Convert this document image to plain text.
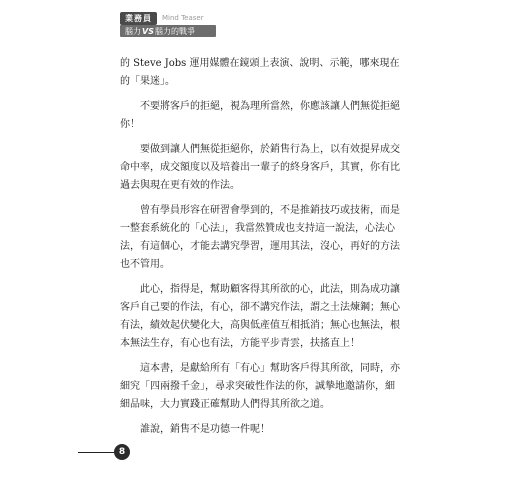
業務員	Mind Teaser
腦力 VS 腦力的戰爭

的 Steve Jobs 運用媒體在鏡頭上表演、說明、示範，哪來現在的「果迷」。

不要將客戶的拒絕，視為理所當然，你應該讓人們無從拒絕你！

要做到讓人們無從拒絕你，於銷售行為上，以有效提昇成交命中率，成交額度以及培養出一輩子的終身客戶，其實，你有比過去與現在更有效的作法。

曾有學員形容在研習會學到的，不是推銷技巧或技術，而是一整套系統化的「心法」，我當然贊成也支持這一說法，心法心法，有這個心，才能去講究學習，運用其法，沒心，再好的方法也不管用。

此心，指得是，幫助顧客得其所欲的心，此法，則為成功讓客戶自己要的作法，有心，卻不講究作法，謂之土法煉鋼；無心有法，績效起伏變化大，高與低產值互相抵消；無心也無法，根本無法生存，有心也有法，方能平步青雲，扶搖直上！

這本書，是獻給所有「有心」幫助客戶得其所欲，同時，亦細究「四兩撥千金」，尋求突破性作法的你，誠摯地邀請你，細細品味，大力實踐正確幫助人們得其所欲之道。

誰說，銷售不是功德一件呢！

8
